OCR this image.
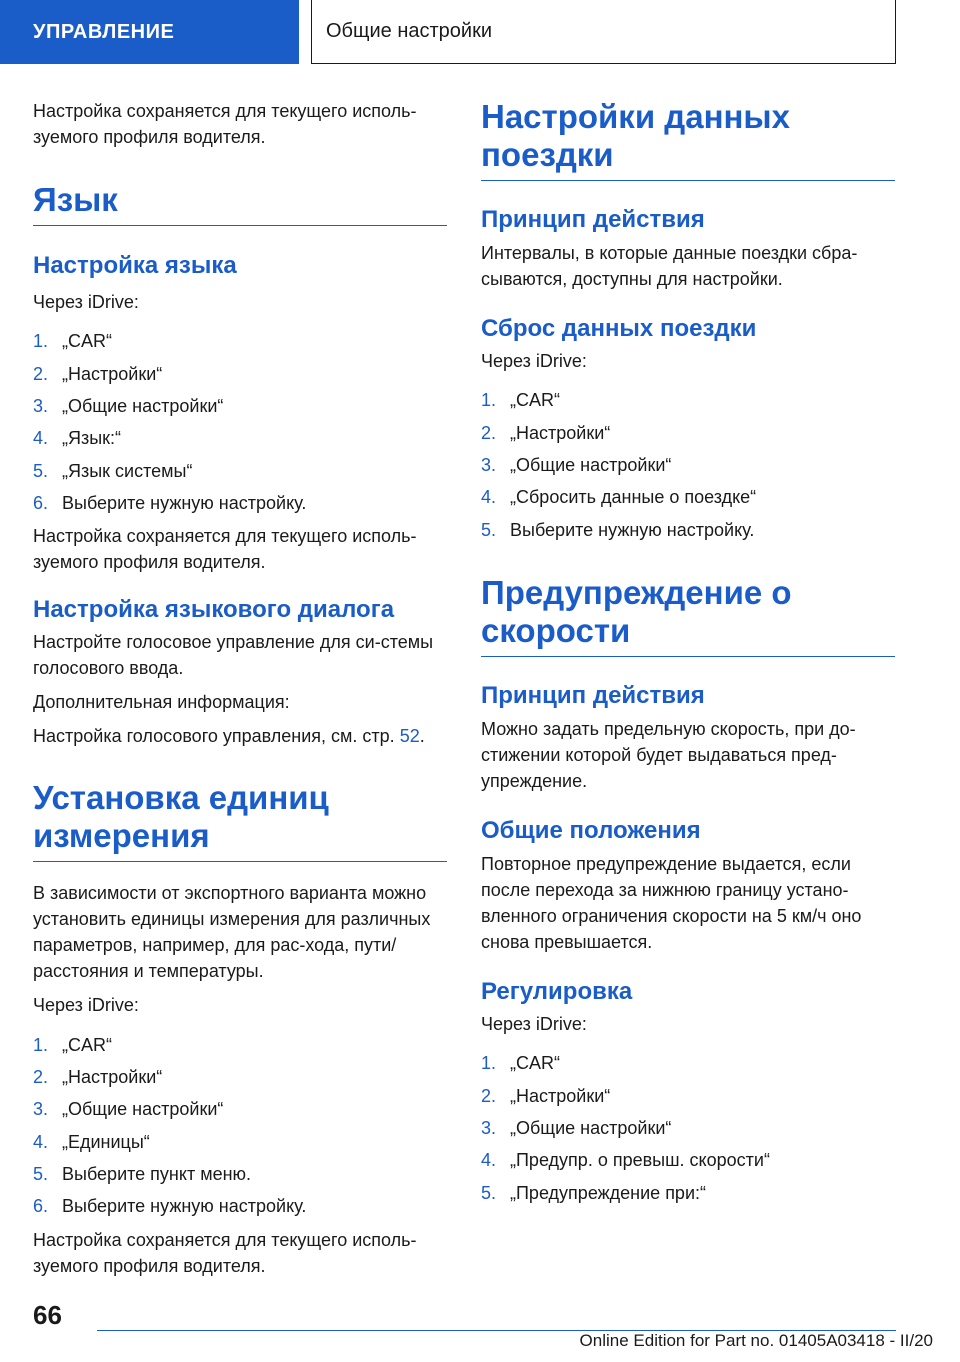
УПРАВЛЕНИЕ	Общие настройки

Настройка сохраняется для текущего исполь-зуемого профиля водителя.

Язык
Настройка языка

Через iDrive:

1. „CAR“
2. „Настройки“
3. „Общие настройки“
4. „Язык:“
5. „Язык системы“
6. Выберите нужную настройку.

Настройка сохраняется для текущего исполь-зуемого профиля водителя.

Настройка языкового диалога

Настройте голосовое управление для си-стемы голосового ввода.

Дополнительная информация:

Настройка голосового управления, см. стр. 52.

Установка единиц измерения

В зависимости от экспортного варианта можно установить единицы измерения для различных параметров, например, для рас-хода, пути/расстояния и температуры.

Через iDrive:

1. „CAR“
2. „Настройки“
3. „Общие настройки“
4. „Единицы“
5. Выберите пункт меню.
6. Выберите нужную настройку.

Настройка сохраняется для текущего исполь-зуемого профиля водителя.

Настройки данных поездки
Принцип действия

Интервалы, в которые данные поездки сбра-сываются, доступны для настройки.

Сброс данных поездки

Через iDrive:

1. „CAR“
2. „Настройки“
3. „Общие настройки“
4. „Сбросить данные о поездке“
5. Выберите нужную настройку.
Предупреждение о скорости
Принцип действия

Можно задать предельную скорость, при до-стижении которой будет выдаваться пред-упреждение.

Общие положения

Повторное предупреждение выдается, если после перехода за нижнюю границу устано-вленного ограничения скорости на 5 км/ч оно снова превышается.

Регулировка

Через iDrive:

1. „CAR“
2. „Настройки“
3. „Общие настройки“
4. „Предупр. о превыш. скорости“
5. „Предупреждение при:“
66
Online Edition for Part no. 01405A03418 - II/20
